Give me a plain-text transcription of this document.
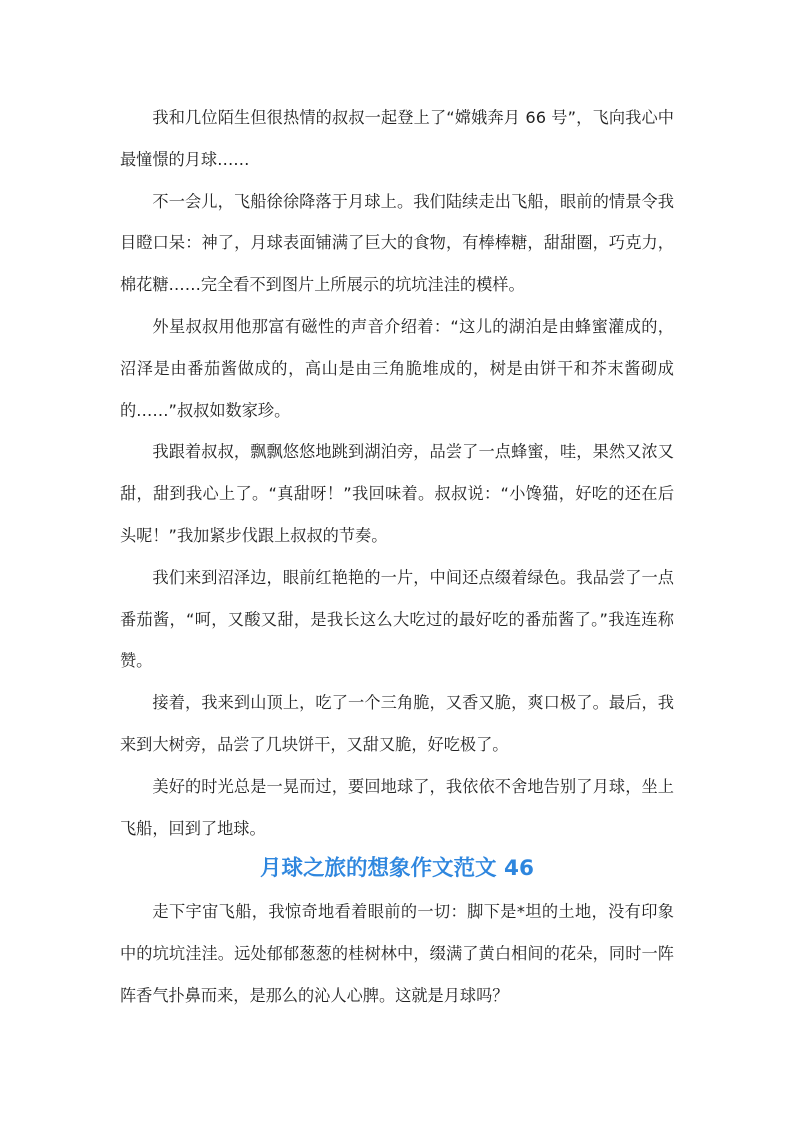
我和几位陌生但很热情的叔叔一起登上了“嫦娥奔月 66 号”，飞向我心中最憧憬的月球……

不一会儿，飞船徐徐降落于月球上。我们陆续走出飞船，眼前的情景令我目瞪口呆：神了，月球表面铺满了巨大的食物，有棒棒糖，甜甜圈，巧克力，棉花糖……完全看不到图片上所展示的坑坑洼洼的模样。

外星叔叔用他那富有磁性的声音介绍着：“这儿的湖泊是由蜂蜜灌成的，沼泽是由番茄酱做成的，高山是由三角脆堆成的，树是由饼干和芥末酱砌成的……”叔叔如数家珍。

我跟着叔叔，飘飘悠悠地跳到湖泊旁，品尝了一点蜂蜜，哇，果然又浓又甜，甜到我心上了。“真甜呀！”我回味着。叔叔说：“小馋猫，好吃的还在后头呢！”我加紧步伐跟上叔叔的节奏。

我们来到沼泽边，眼前红艳艳的一片，中间还点缀着绿色。我品尝了一点番茄酱，“呵，又酸又甜，是我长这么大吃过的最好吃的番茄酱了。”我连连称赞。

接着，我来到山顶上，吃了一个三角脆，又香又脆，爽口极了。最后，我来到大树旁，品尝了几块饼干，又甜又脆，好吃极了。

美好的时光总是一晃而过，要回地球了，我依依不舍地告别了月球，坐上飞船，回到了地球。

月球之旅的想象作文范文 46

走下宇宙飞船，我惊奇地看着眼前的一切：脚下是*坦的土地，没有印象中的坑坑洼洼。远处郁郁葱葱的桂树林中，缀满了黄白相间的花朵，同时一阵阵香气扑鼻而来，是那么的沁人心脾。这就是月球吗？
